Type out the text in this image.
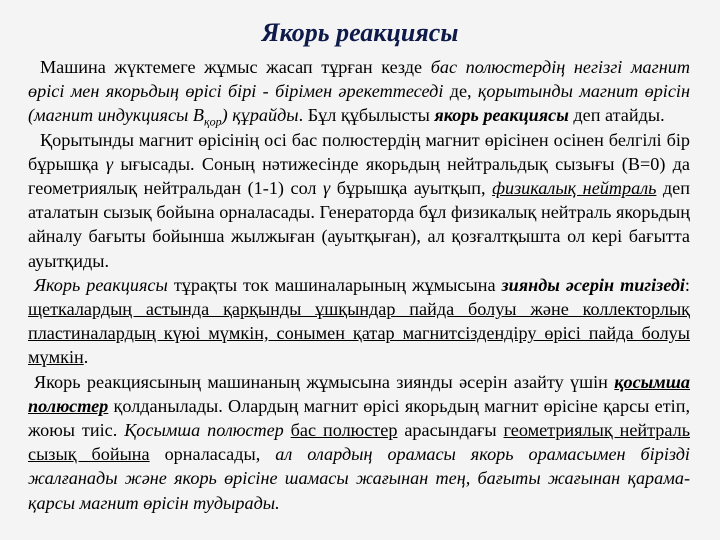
Якорь реакциясы

Машина жүктемеге жұмыс жасап тұрған кезде бас полюстердің негізгі магнит өрісі мен якорьдың өрісі бірі - бірімен әрекеттеседі де, қорытынды магнит өрісін (магнит индукциясы $B_{қор}$) құрайды. Бұл құбылысты якорь реакциясы деп атайды.

Қорытынды магнит өрісінің осі бас полюстердің магнит өрісінен осінен белгілі бір бұрышқа γ ығысады. Соның нәтижесінде якорьдың нейтральдық сызығы (B=0) да геометриялық нейтральдан (1-1) сол γ бұрышқа ауытқып, физикалық нейтраль деп аталатын сызық бойына орналасады. Генераторда бұл физикалық нейтраль якорьдың айналу бағыты бойынша жылжыған (ауытқыған), ал қозғалтқышта ол кері бағытта ауытқиды.

Якорь реакциясы тұрақты ток машиналарының жұмысына зиянды әсерін тигізеді: щеткалардың астында қарқынды ұшқындар пайда болуы және коллекторлық пластиналардың күюі мүмкін, сонымен қатар магнитсіздендіру өрісі пайда болуы мүмкін.

Якорь реакциясының машинаның жұмысына зиянды әсерін азайту үшін қосымша полюстер қолданылады. Олардың магнит өрісі якорьдың магнит өрісіне қарсы етіп, жоюы тиіс. Қосымша полюстер бас полюстер арасындағы геометриялық нейтраль сызық бойына орналасады, ал олардың орамасы якорь орамасымен бірізді жалғанады және якорь өрісіне шамасы жағынан тең, бағыты жағынан қарама-қарсы магнит өрісін тудырады.
